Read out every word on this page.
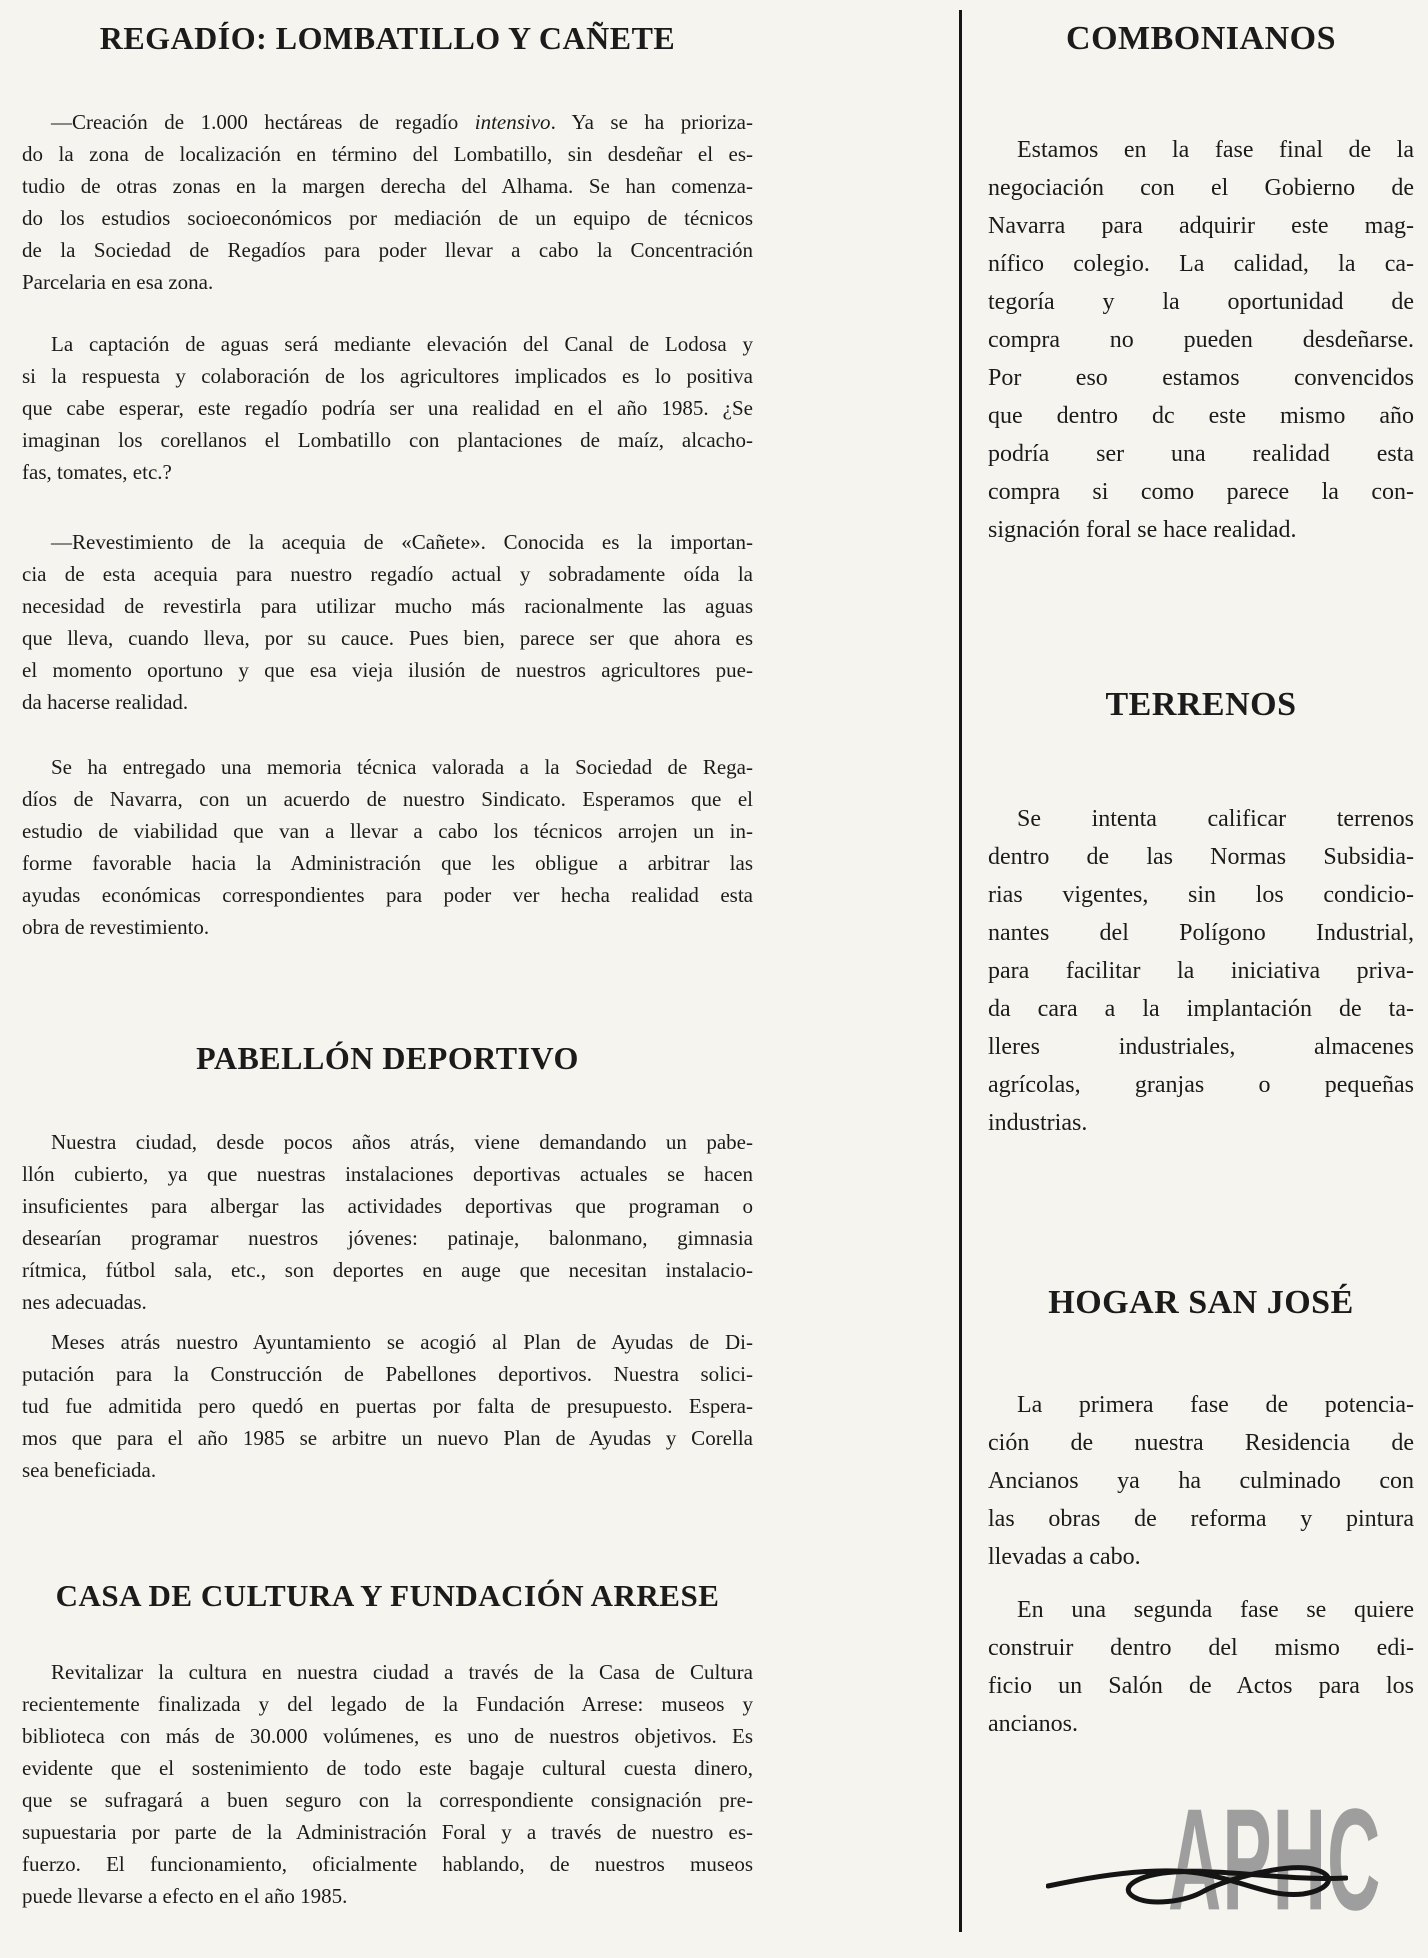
REGADÍO: LOMBATILLO Y CAÑETE
—Creación de 1.000 hectáreas de regadío intensivo. Ya se ha prioriza-
do la zona de localización en término del Lombatillo, sin desdeñar el es-
tudio de otras zonas en la margen derecha del Alhama. Se han comenza-
do los estudios socioeconómicos por mediación de un equipo de técnicos
de la Sociedad de Regadíos para poder llevar a cabo la Concentración
Parcelaria en esa zona.
La captación de aguas será mediante elevación del Canal de Lodosa y
si la respuesta y colaboración de los agricultores implicados es lo positiva
que cabe esperar, este regadío podría ser una realidad en el año 1985. ¿Se
imaginan los corellanos el Lombatillo con plantaciones de maíz, alcacho-
fas, tomates, etc.?
—Revestimiento de la acequia de «Cañete». Conocida es la importan-
cia de esta acequia para nuestro regadío actual y sobradamente oída la
necesidad de revestirla para utilizar mucho más racionalmente las aguas
que lleva, cuando lleva, por su cauce. Pues bien, parece ser que ahora es
el momento oportuno y que esa vieja ilusión de nuestros agricultores pue-
da hacerse realidad.
Se ha entregado una memoria técnica valorada a la Sociedad de Rega-
díos de Navarra, con un acuerdo de nuestro Sindicato. Esperamos que el
estudio de viabilidad que van a llevar a cabo los técnicos arrojen un in-
forme favorable hacia la Administración que les obligue a arbitrar las
ayudas económicas correspondientes para poder ver hecha realidad esta
obra de revestimiento.
PABELLÓN DEPORTIVO
Nuestra ciudad, desde pocos años atrás, viene demandando un pabe-
llón cubierto, ya que nuestras instalaciones deportivas actuales se hacen
insuficientes para albergar las actividades deportivas que programan o
desearían programar nuestros jóvenes: patinaje, balonmano, gimnasia
rítmica, fútbol sala, etc., son deportes en auge que necesitan instalacio-
nes adecuadas.
Meses atrás nuestro Ayuntamiento se acogió al Plan de Ayudas de Di-
putación para la Construcción de Pabellones deportivos. Nuestra solici-
tud fue admitida pero quedó en puertas por falta de presupuesto. Espera-
mos que para el año 1985 se arbitre un nuevo Plan de Ayudas y Corella
sea beneficiada.
CASA DE CULTURA Y FUNDACIÓN ARRESE
Revitalizar la cultura en nuestra ciudad a través de la Casa de Cultura
recientemente finalizada y del legado de la Fundación Arrese: museos y
biblioteca con más de 30.000 volúmenes, es uno de nuestros objetivos. Es
evidente que el sostenimiento de todo este bagaje cultural cuesta dinero,
que se sufragará a buen seguro con la correspondiente consignación pre-
supuestaria por parte de la Administración Foral y a través de nuestro es-
fuerzo. El funcionamiento, oficialmente hablando, de nuestros museos
puede llevarse a efecto en el año 1985.
COMBONIANOS
Estamos en la fase final de la
negociación con el Gobierno de
Navarra para adquirir este mag-
nífico colegio. La calidad, la ca-
tegoría y la oportunidad de
compra no pueden desdeñarse.
Por eso estamos convencidos
que dentro dc este mismo año
podría ser una realidad esta
compra si como parece la con-
signación foral se hace realidad.
TERRENOS
Se intenta calificar terrenos
dentro de las Normas Subsidia-
rias vigentes, sin los condicio-
nantes del Polígono Industrial,
para facilitar la iniciativa priva-
da cara a la implantación de ta-
lleres industriales, almacenes
agrícolas, granjas o pequeñas
industrias.
HOGAR SAN JOSÉ
La primera fase de potencia-
ción de nuestra Residencia de
Ancianos ya ha culminado con
las obras de reforma y pintura
llevadas a cabo.
En una segunda fase se quiere
construir dentro del mismo edi-
ficio un Salón de Actos para los
ancianos.
APHC
